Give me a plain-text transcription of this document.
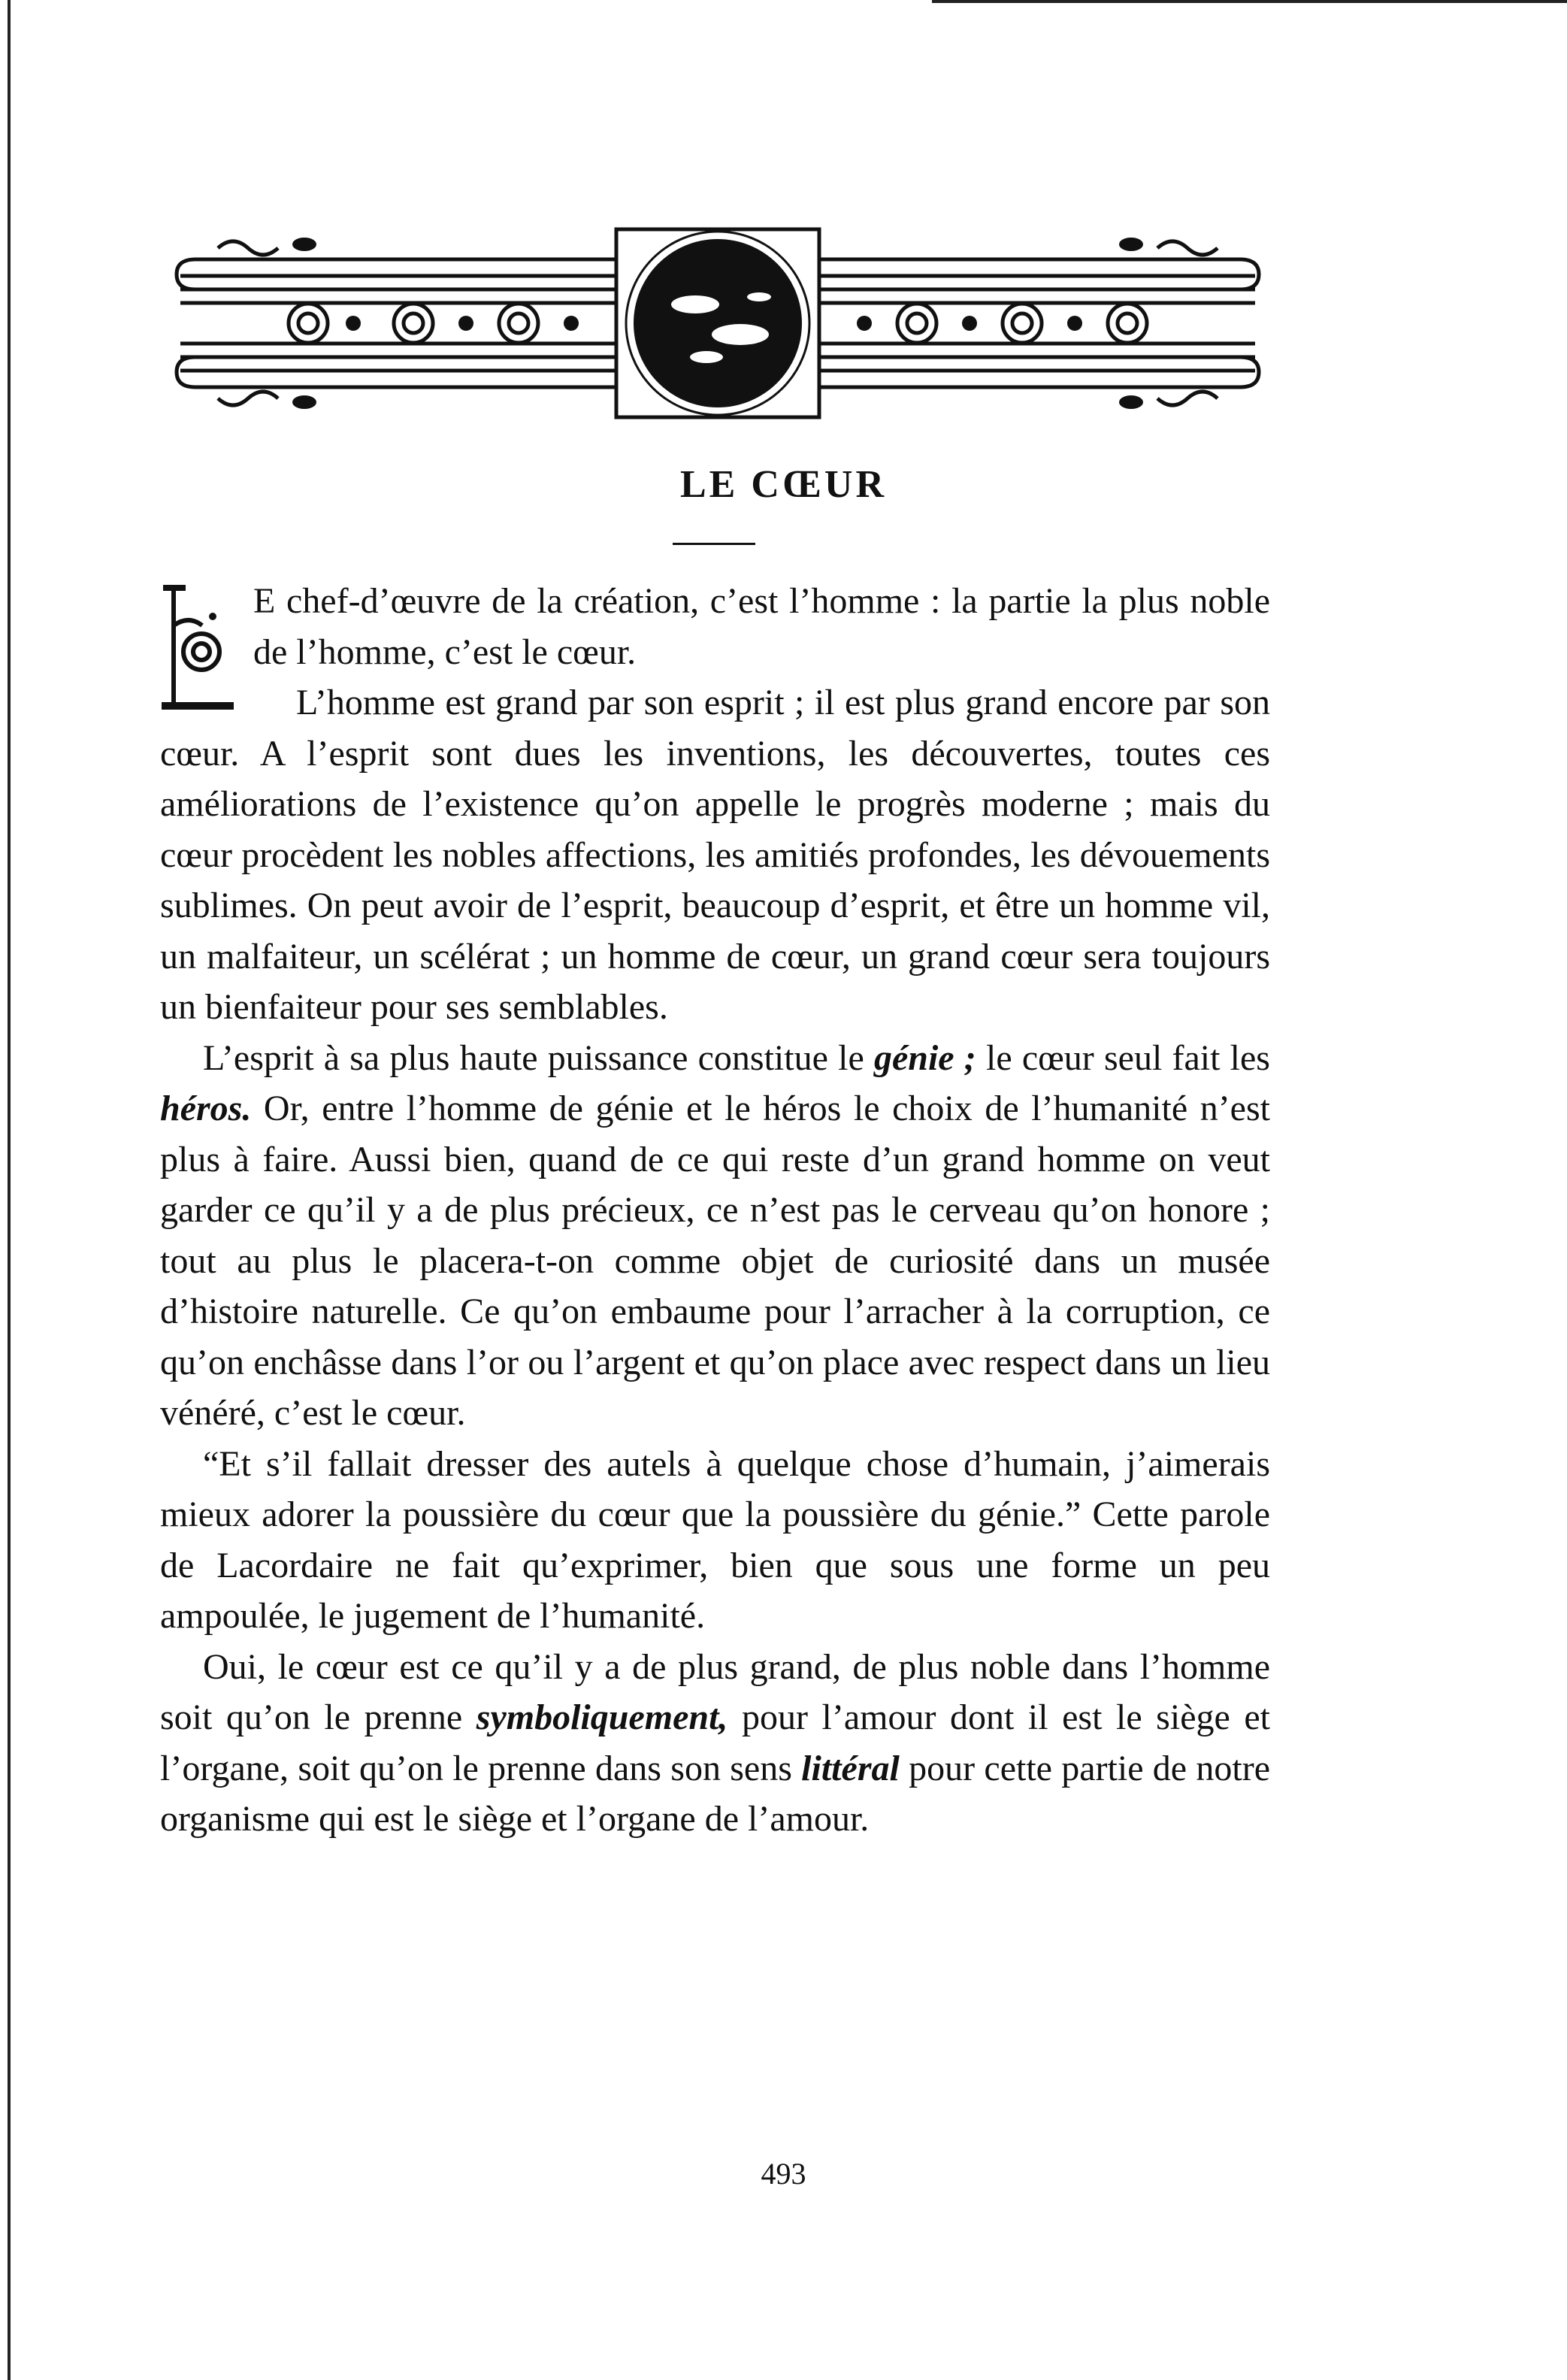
LE CŒUR

E chef-d’œuvre de la création, c’est l’homme : la partie la plus noble de l’homme, c’est le cœur.

L’homme est grand par son esprit ; il est plus grand encore par son cœur. A l’esprit sont dues les inventions, les découvertes, toutes ces améliorations de l’existence qu’on appelle le progrès moderne ; mais du cœur procèdent les nobles affections, les amitiés profondes, les dévouements sublimes. On peut avoir de l’esprit, beaucoup d’esprit, et être un homme vil, un malfaiteur, un scélérat ; un homme de cœur, un grand cœur sera toujours un bienfaiteur pour ses semblables.

L’esprit à sa plus haute puissance constitue le génie ; le cœur seul fait les héros. Or, entre l’homme de génie et le héros le choix de l’humanité n’est plus à faire. Aussi bien, quand de ce qui reste d’un grand homme on veut garder ce qu’il y a de plus précieux, ce n’est pas le cerveau qu’on honore ; tout au plus le placera-t-on comme objet de curiosité dans un musée d’histoire naturelle. Ce qu’on embaume pour l’arracher à la corruption, ce qu’on enchâsse dans l’or ou l’argent et qu’on place avec respect dans un lieu vénéré, c’est le cœur.

“Et s’il fallait dresser des autels à quelque chose d’humain, j’aimerais mieux adorer la poussière du cœur que la poussière du génie.” Cette parole de Lacordaire ne fait qu’exprimer, bien que sous une forme un peu ampoulée, le jugement de l’humanité.

Oui, le cœur est ce qu’il y a de plus grand, de plus noble dans l’homme soit qu’on le prenne symboliquement, pour l’amour dont il est le siège et l’organe, soit qu’on le prenne dans son sens littéral pour cette partie de notre organisme qui est le siège et l’organe de l’amour.

493
